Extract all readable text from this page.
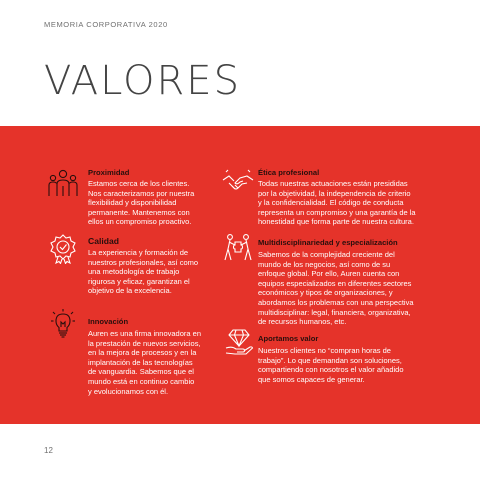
MEMORIA CORPORATIVA 2020
VALORES
Proximidad
Estamos cerca de los clientes.
Nos caracterizamos por nuestra
flexibilidad y disponibilidad
permanente. Mantenemos con
ellos un compromiso proactivo.
Ética profesional
Todas nuestras actuaciones están presididas
por la objetividad, la independencia de criterio
y la confidencialidad. El código de conducta
representa un compromiso y una garantía de la
honestidad que forma parte de nuestra cultura.
Calidad
La experiencia y formación de
nuestros profesionales, así como
una metodología de trabajo
rigurosa y eficaz, garantizan el
objetivo de la excelencia.
Multidisciplinariedad y especialización
Sabemos de la complejidad creciente del
mundo de los negocios, así como de su
enfoque global. Por ello, Auren cuenta con
equipos especializados en diferentes sectores
económicos y tipos de organizaciones, y
abordamos los problemas con una perspectiva
multidisciplinar: legal, financiera, organizativa,
de recursos humanos, etc.
Innovación
Auren es una firma innovadora en
la prestación de nuevos servicios,
en la mejora de procesos y en la
implantación de las tecnologías
de vanguardia. Sabemos que el
mundo está en continuo cambio
y evolucionamos con él.
Aportamos valor
Nuestros clientes no “compran horas de
trabajo”. Lo que demandan son soluciones,
compartiendo con nosotros el valor añadido
que somos capaces de generar.
12
